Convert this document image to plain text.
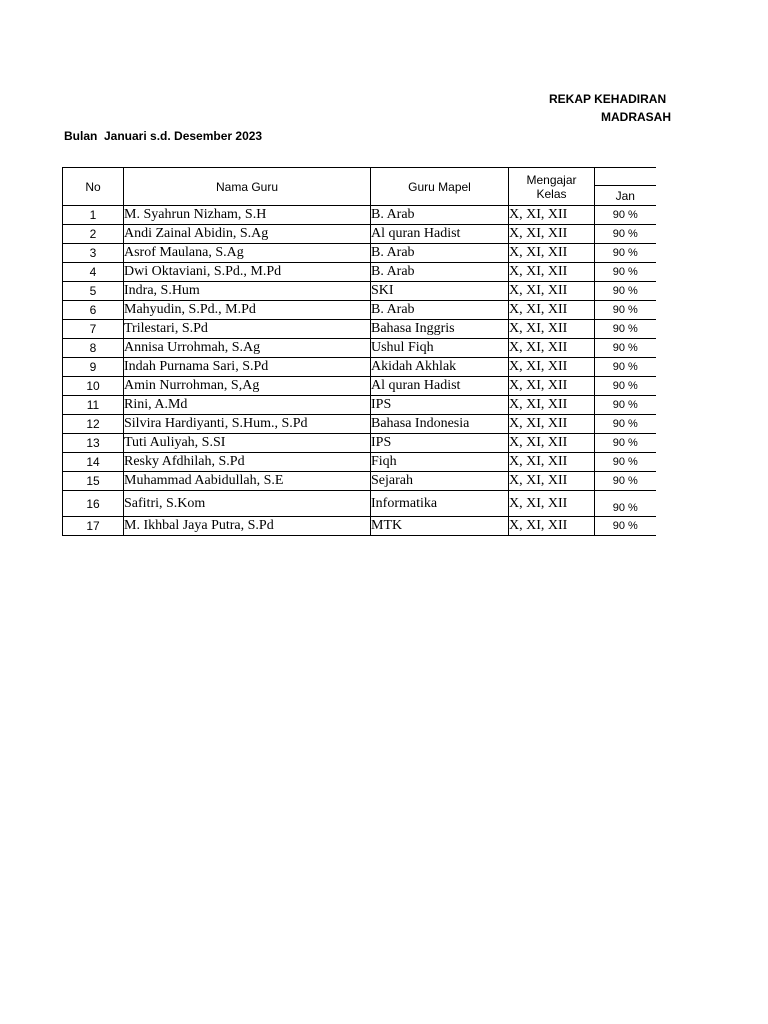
REKAP KEHADIRAN
MADRASAH
Bulan  Januari s.d. Desember 2023
No	Nama Guru	Guru Mapel	Mengajar Kelas	
				Jan
1	M. Syahrun Nizham, S.H	B. Arab	X, XI, XII	90 %
2	Andi Zainal Abidin, S.Ag	Al quran Hadist	X, XI, XII	90 %
3	Asrof Maulana, S.Ag	B. Arab	X, XI, XII	90 %
4	Dwi Oktaviani, S.Pd., M.Pd	B. Arab	X, XI, XII	90 %
5	Indra, S.Hum	SKI	X, XI, XII	90 %
6	Mahyudin, S.Pd., M.Pd	B. Arab	X, XI, XII	90 %
7	Trilestari, S.Pd	Bahasa Inggris	X, XI, XII	90 %
8	Annisa Urrohmah, S.Ag	Ushul Fiqh	X, XI, XII	90 %
9	Indah Purnama Sari, S.Pd	Akidah Akhlak	X, XI, XII	90 %
10	Amin Nurrohman, S,Ag	Al quran Hadist	X, XI, XII	90 %
11	Rini, A.Md	IPS	X, XI, XII	90 %
12	Silvira Hardiyanti, S.Hum., S.Pd	Bahasa Indonesia	X, XI, XII	90 %
13	Tuti Auliyah, S.SI	IPS	X, XI, XII	90 %
14	Resky Afdhilah, S.Pd	Fiqh	X, XI, XII	90 %
15	Muhammad Aabidullah, S.E	Sejarah	X, XI, XII	90 %
16	Safitri, S.Kom	Informatika	X, XI, XII	90 %
17	M. Ikhbal Jaya Putra, S.Pd	MTK	X, XI, XII	90 %
